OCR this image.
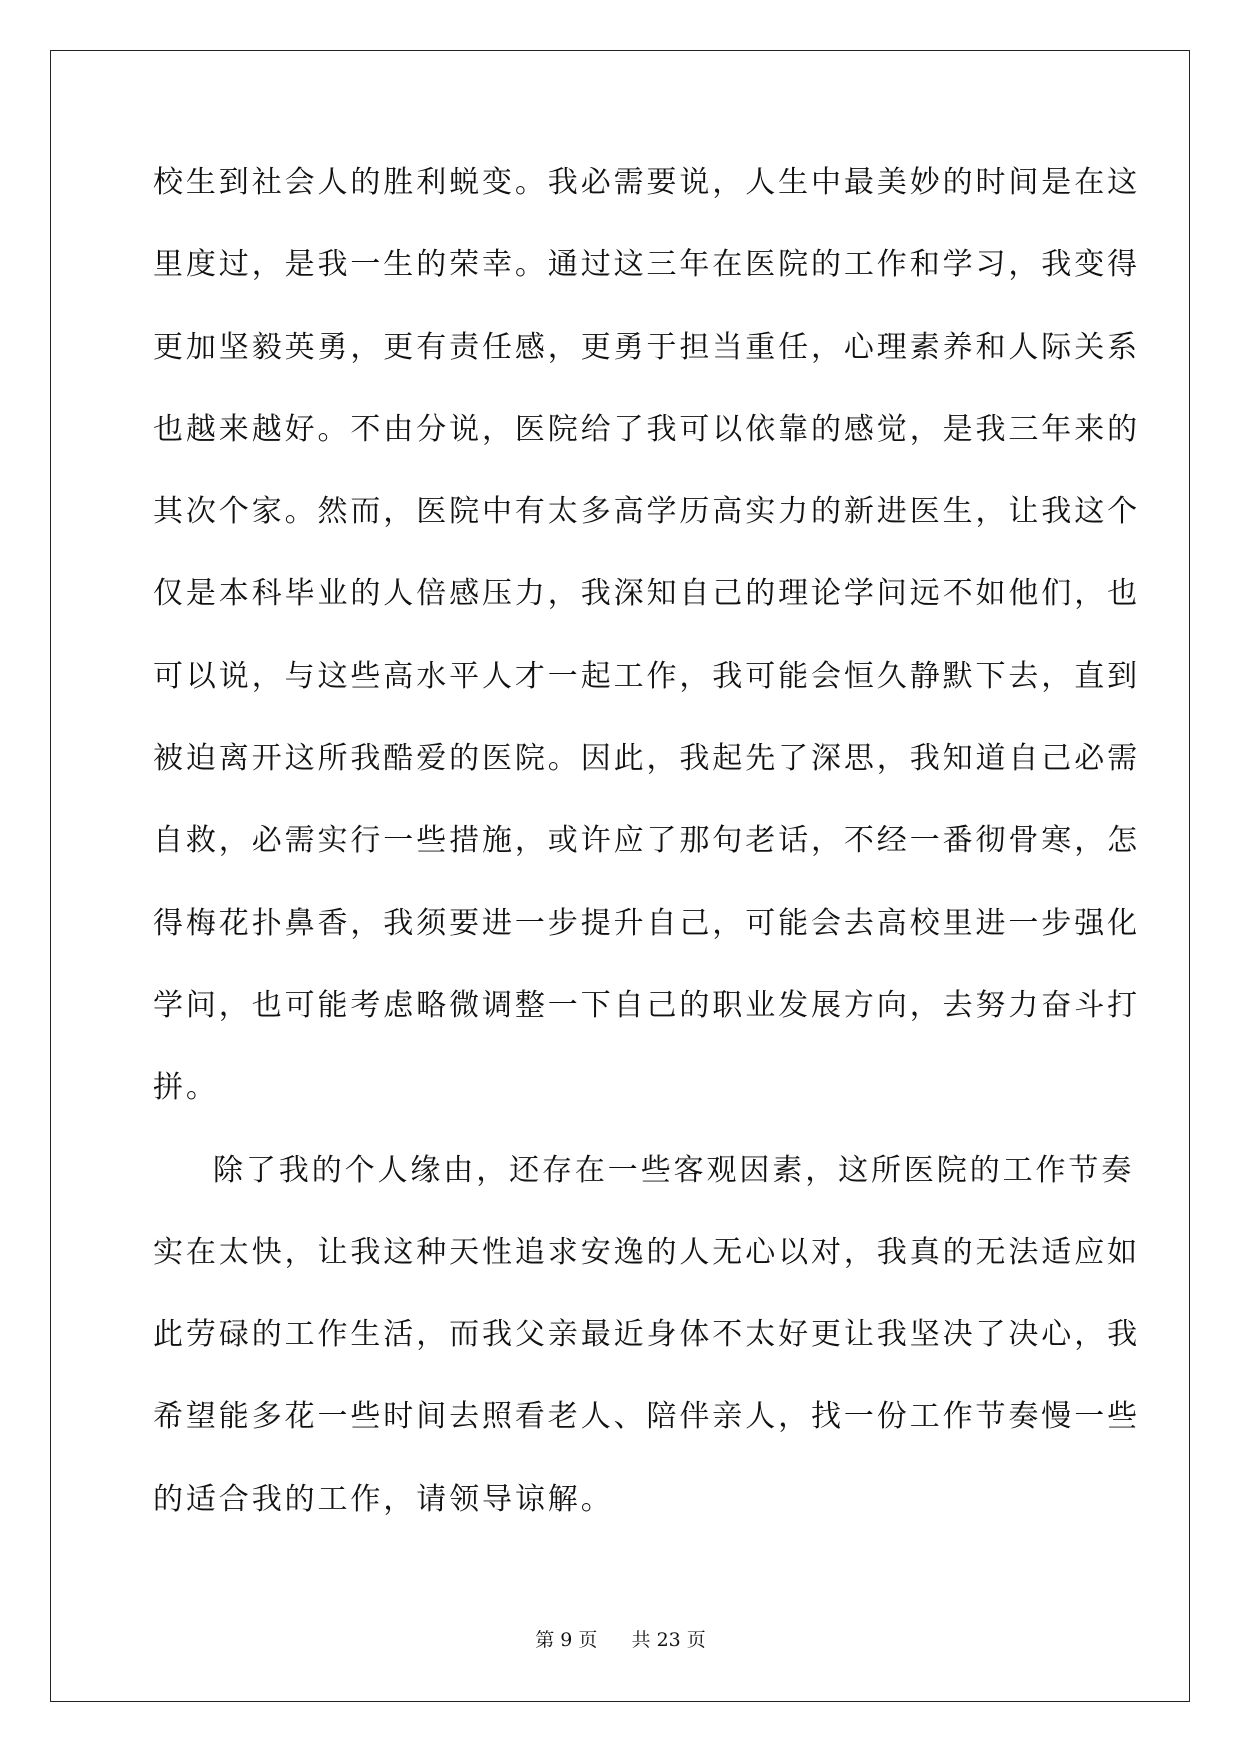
校生到社会人的胜利蜕变。我必需要说，人生中最美妙的时间是在这
里度过，是我一生的荣幸。通过这三年在医院的工作和学习，我变得
更加坚毅英勇，更有责任感，更勇于担当重任，心理素养和人际关系
也越来越好。不由分说，医院给了我可以依靠的感觉，是我三年来的
其次个家。然而，医院中有太多高学历高实力的新进医生，让我这个
仅是本科毕业的人倍感压力，我深知自己的理论学问远不如他们，也
可以说，与这些高水平人才一起工作，我可能会恒久静默下去，直到
被迫离开这所我酷爱的医院。因此，我起先了深思，我知道自己必需
自救，必需实行一些措施，或许应了那句老话，不经一番彻骨寒，怎
得梅花扑鼻香，我须要进一步提升自己，可能会去高校里进一步强化
学问，也可能考虑略微调整一下自己的职业发展方向，去努力奋斗打
拼。
除了我的个人缘由，还存在一些客观因素，这所医院的工作节奏
实在太快，让我这种天性追求安逸的人无心以对，我真的无法适应如
此劳碌的工作生活，而我父亲最近身体不太好更让我坚决了决心，我
希望能多花一些时间去照看老人、陪伴亲人，找一份工作节奏慢一些
的适合我的工作，请领导谅解。
第 9 页 共 23 页
